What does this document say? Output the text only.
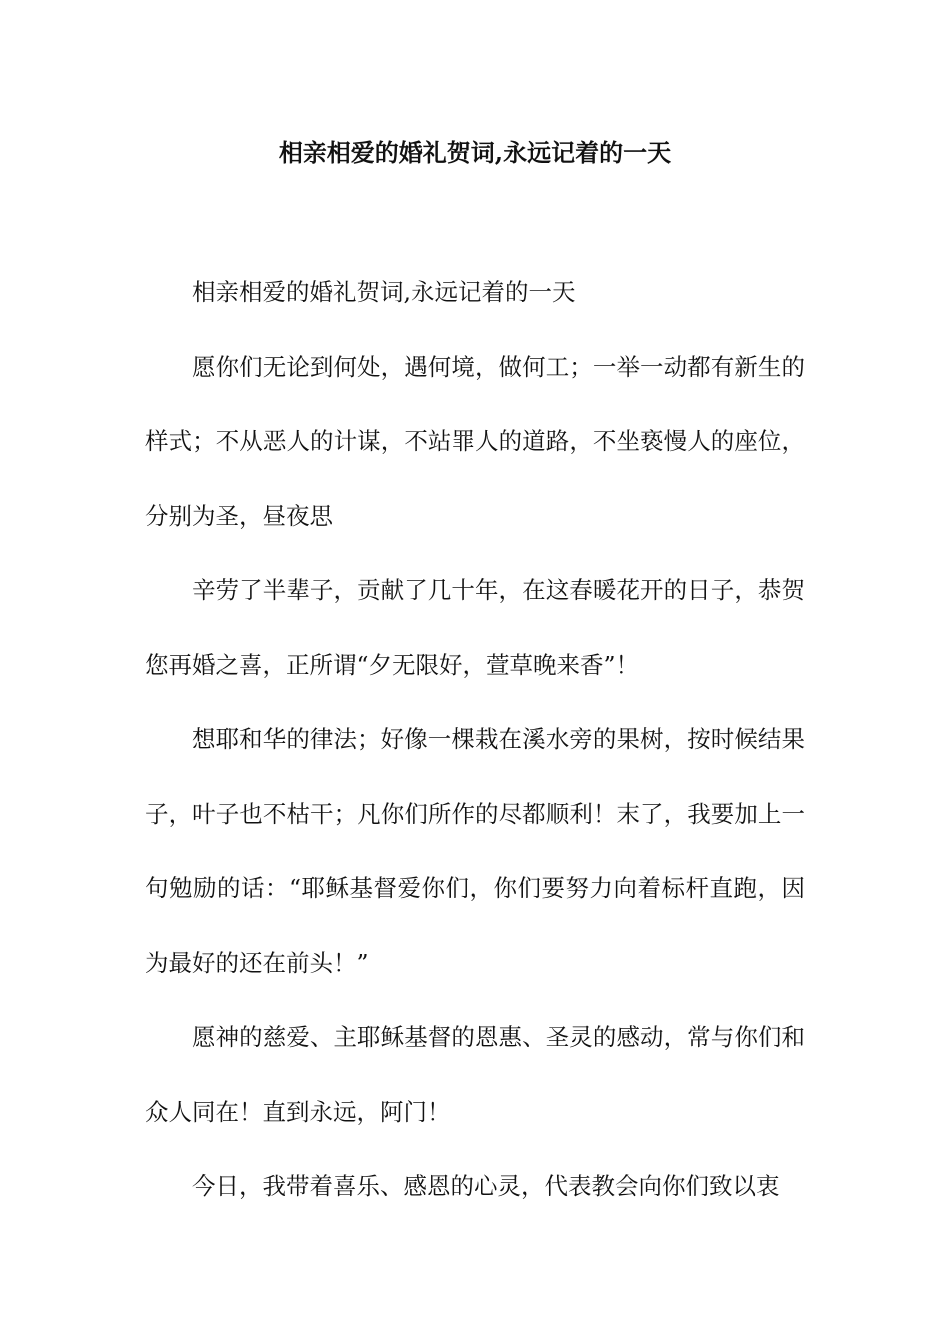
相亲相爱的婚礼贺词,永远记着的一天

相亲相爱的婚礼贺词,永远记着的一天

愿你们无论到何处，遇何境，做何工；一举一动都有新生的样式；不从恶人的计谋，不站罪人的道路，不坐亵慢人的座位，分别为圣，昼夜思

辛劳了半辈子，贡献了几十年，在这春暖花开的日子，恭贺您再婚之喜，正所谓“夕无限好，萱草晚来香”！

想耶和华的律法；好像一棵栽在溪水旁的果树，按时候结果子，叶子也不枯干；凡你们所作的尽都顺利！末了，我要加上一句勉励的话：“耶稣基督爱你们，你们要努力向着标杆直跑，因为最好的还在前头！”

愿神的慈爱、主耶稣基督的恩惠、圣灵的感动，常与你们和众人同在！直到永远，阿门！

今日，我带着喜乐、感恩的心灵，代表教会向你们致以衷
